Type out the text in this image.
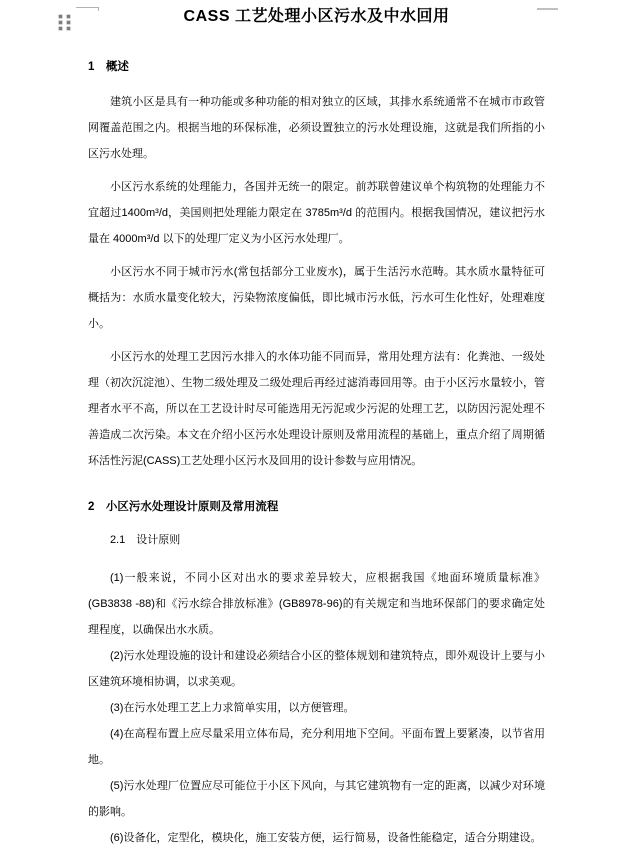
CASS 工艺处理小区污水及中水回用
1　概述

建筑小区是具有一种功能或多种功能的相对独立的区域，其排水系统通常不在城市市政管网覆盖范围之内。根据当地的环保标准，必须设置独立的污水处理设施，这就是我们所指的小区污水处理。

小区污水系统的处理能力，各国并无统一的限定。前苏联曾建议单个构筑物的处理能力不宜超过1400m³/d，美国则把处理能力限定在 3785m³/d 的范围内。根据我国情况，建议把污水量在 4000m³/d 以下的处理厂定义为小区污水处理厂。

小区污水不同于城市污水(常包括部分工业废水)，属于生活污水范畴。其水质水量特征可概括为：水质水量变化较大，污染物浓度偏低，即比城市污水低，污水可生化性好，处理难度小。

小区污水的处理工艺因污水排入的水体功能不同而异，常用处理方法有：化粪池、一级处理（初次沉淀池）、生物二级处理及二级处理后再经过滤消毒回用等。由于小区污水量较小，管理者水平不高，所以在工艺设计时尽可能选用无污泥或少污泥的处理工艺，以防因污泥处理不善造成二次污染。本文在介绍小区污水处理设计原则及常用流程的基础上，重点介绍了周期循环活性污泥(CASS)工艺处理小区污水及回用的设计参数与应用情况。

2　小区污水处理设计原则及常用流程

2.1　设计原则

(1)一般来说，不同小区对出水的要求差异较大，应根据我国《地面环境质量标准》(GB3838 -88)和《污水综合排放标准》(GB8978-96)的有关规定和当地环保部门的要求确定处理程度，以确保出水水质。

(2)污水处理设施的设计和建设必须结合小区的整体规划和建筑特点，即外观设计上要与小区建筑环境相协调，以求美观。

(3)在污水处理工艺上力求简单实用，以方便管理。

(4)在高程布置上应尽量采用立体布局，充分利用地下空间。平面布置上要紧凑，以节省用地。

(5)污水处理厂位置应尽可能位于小区下风向，与其它建筑物有一定的距离，以减少对环境的影响。

(6)设备化，定型化，模块化，施工安装方便，运行简易，设备性能稳定，适合分期建设。
